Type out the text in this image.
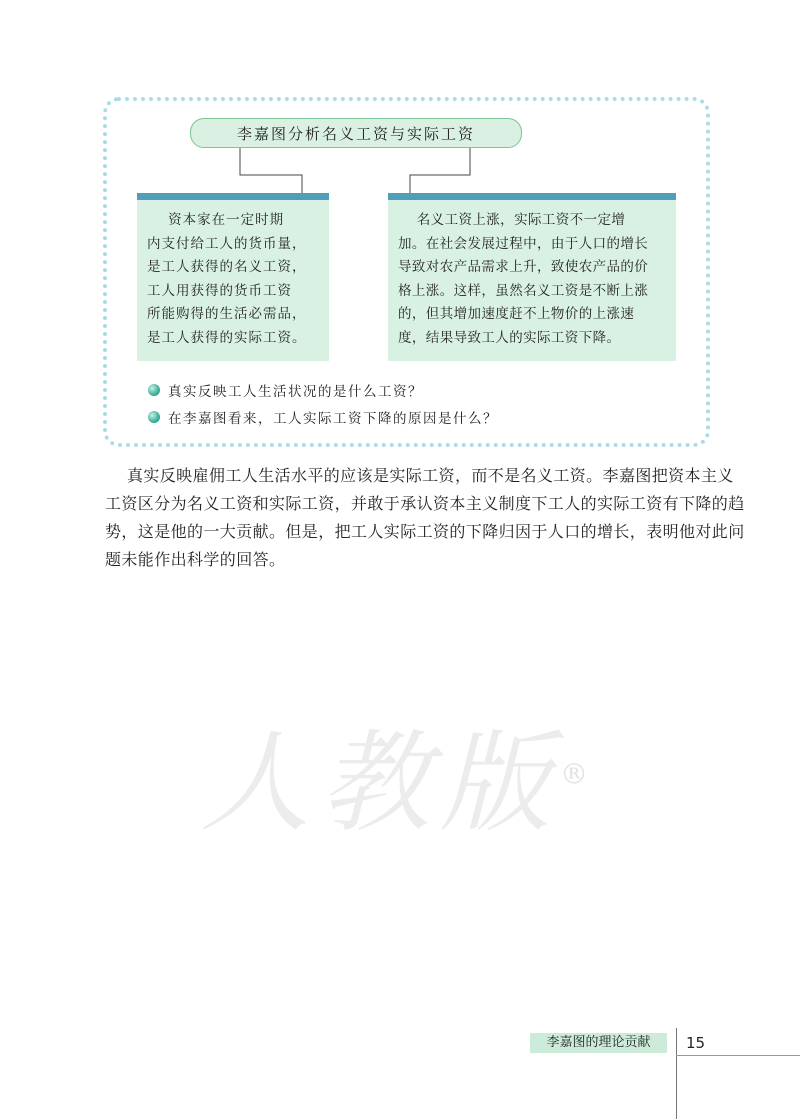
李嘉图分析名义工资与实际工资
资本家在一定时期
内支付给工人的货币量，
是工人获得的名义工资，
工人用获得的货币工资
所能购得的生活必需品，
是工人获得的实际工资。
名义工资上涨，实际工资不一定增
加。在社会发展过程中，由于人口的增长
导致对农产品需求上升，致使农产品的价
格上涨。这样，虽然名义工资是不断上涨
的，但其增加速度赶不上物价的上涨速
度，结果导致工人的实际工资下降。
真实反映工人生活状况的是什么工资？
在李嘉图看来，工人实际工资下降的原因是什么？
真实反映雇佣工人生活水平的应该是实际工资，而不是名义工资。李嘉图把资本主义
工资区分为名义工资和实际工资，并敢于承认资本主义制度下工人的实际工资有下降的趋
势，这是他的一大贡献。但是，把工人实际工资的下降归因于人口的增长，表明他对此问
题未能作出科学的回答。
人教版®
李嘉图的理论贡献	15
